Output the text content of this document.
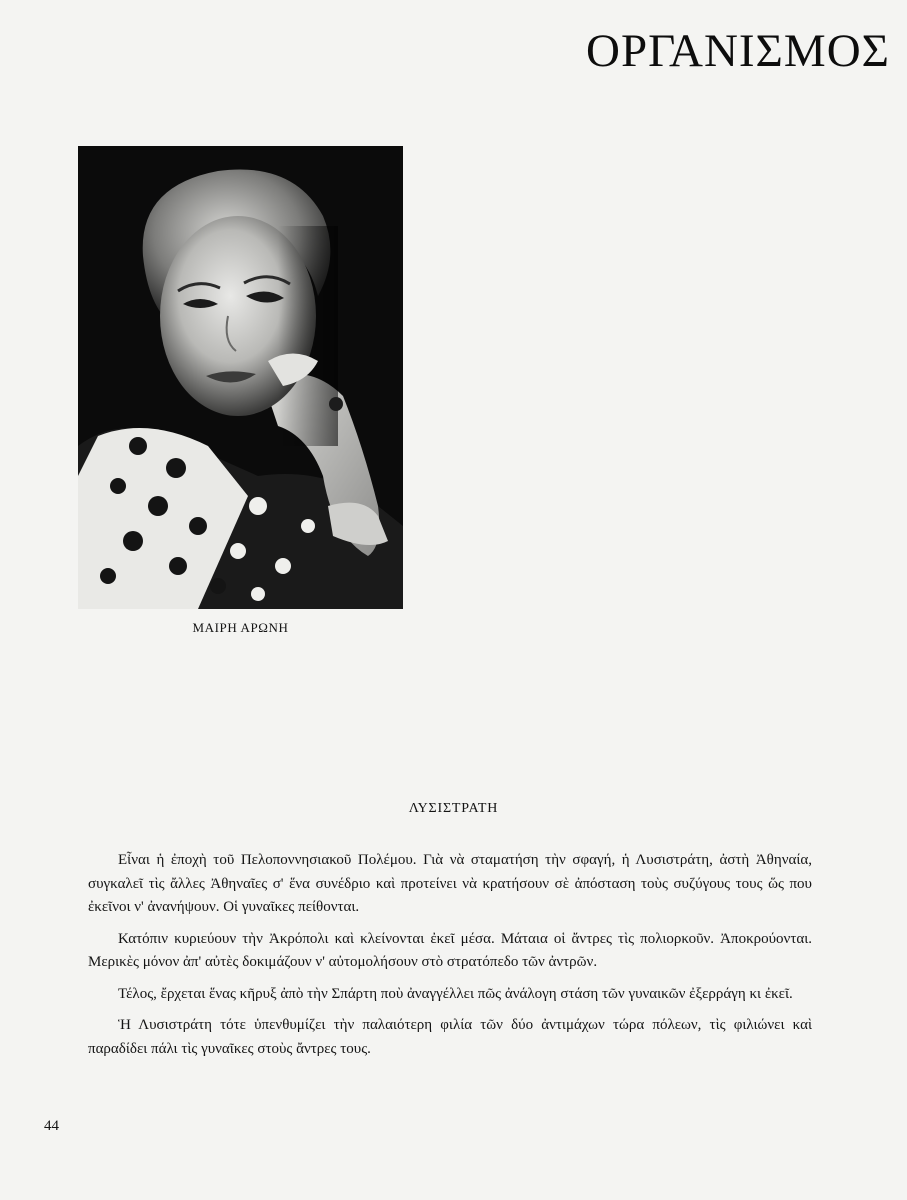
ΟΡΓΑΝΙΣΜΟΣ
ΜΑΙΡΗ ΑΡΩΝΗ
ΛΥΣΙΣΤΡΑΤΗ

Εἶναι ἡ ἐποχὴ τοῦ Πελοποννησιακοῦ Πολέμου. Γιὰ νὰ σταματήση τὴν σφαγή, ἡ Λυσιστράτη, ἀστὴ Ἀθηναία, συγκαλεῖ τὶς ἄλλες Ἀθηναῖες σ' ἕνα συνέδριο καὶ προτείνει νὰ κρατήσουν σὲ ἀπόσταση τοὺς συζύγους τους ὥς που ἐκεῖνοι ν' ἀνανήψουν. Οἱ γυναῖκες πείθονται.

Κατόπιν κυριεύουν τὴν Ἀκρόπολι καὶ κλείνονται ἐκεῖ μέσα. Μάταια οἱ ἄντρες τὶς πολιορκοῦν. Ἀποκρούονται. Μερικὲς μόνον ἀπ' αὐτὲς δοκιμάζουν ν' αὐτομολήσουν στὸ στρατόπεδο τῶν ἀντρῶν.

Τέλος, ἔρχεται ἕνας κῆρυξ ἀπὸ τὴν Σπάρτη ποὺ ἀναγγέλλει πῶς ἀνάλογη στάση τῶν γυναικῶν ἐξερράγη κι ἐκεῖ.

Ἡ Λυσιστράτη τότε ὑπενθυμίζει τὴν παλαιότερη φιλία τῶν δύο ἀντιμάχων τώρα πόλεων, τὶς φιλιώνει καὶ παραδίδει πάλι τὶς γυναῖκες στοὺς ἄντρες τους.

44
